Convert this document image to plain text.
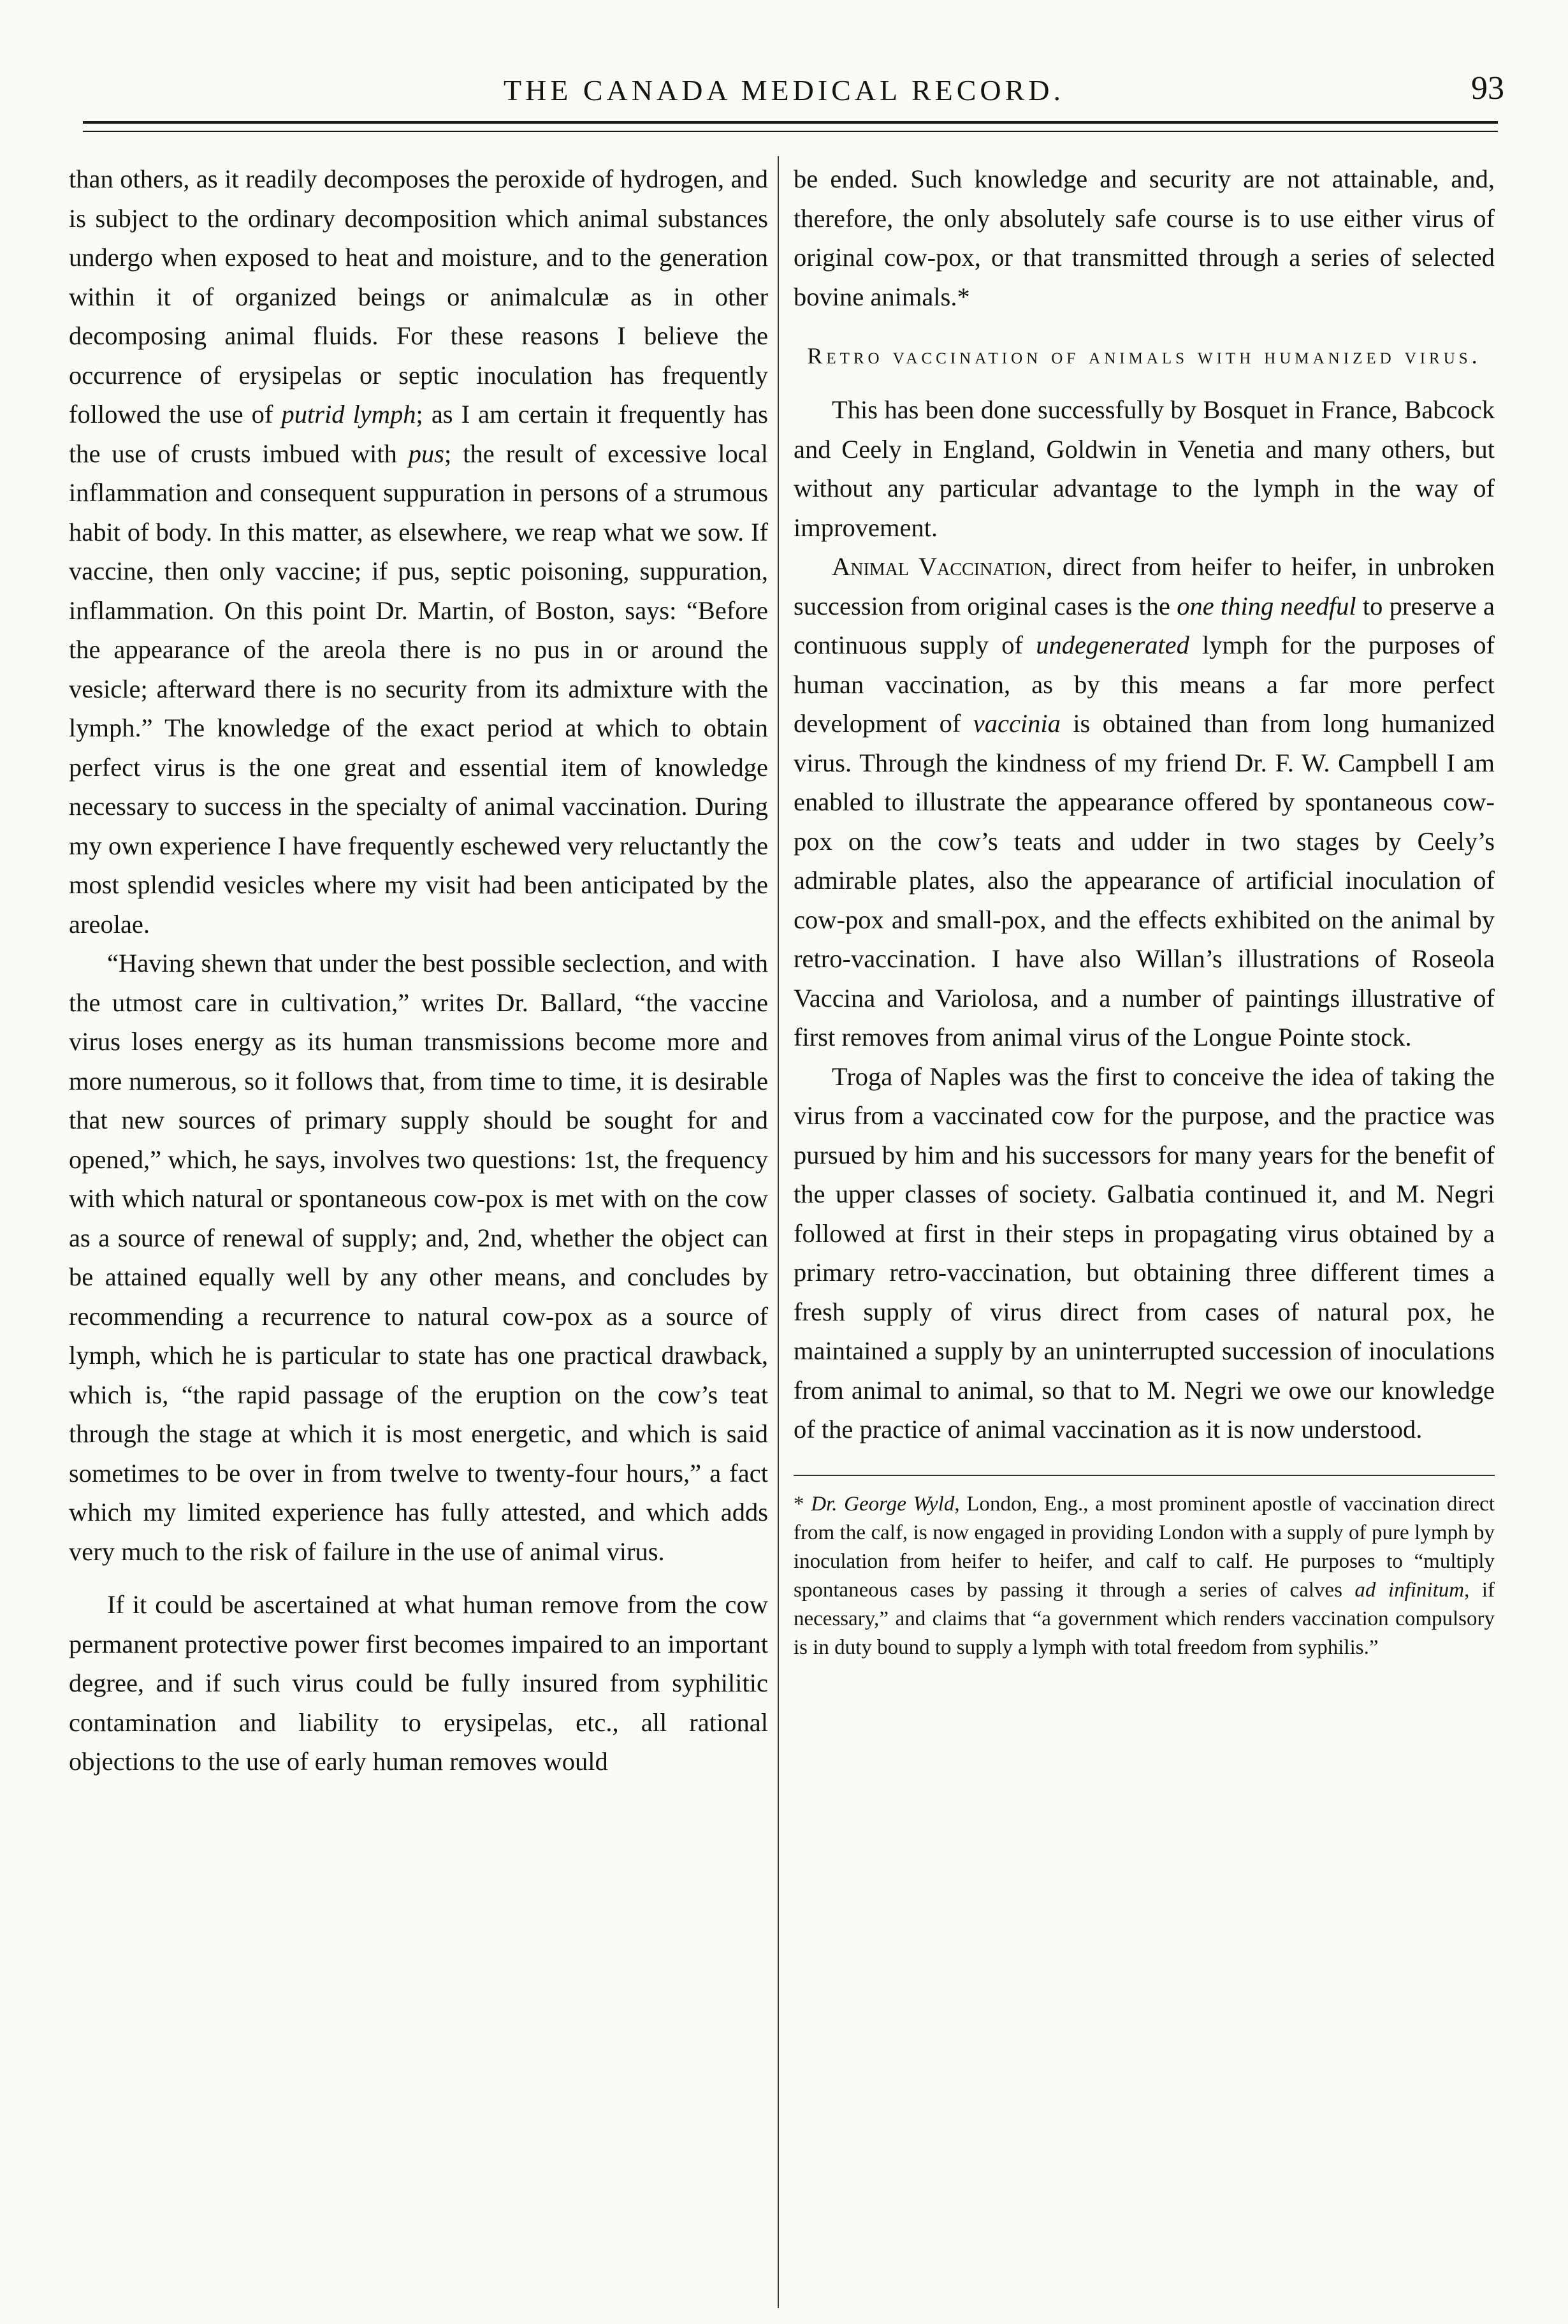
THE CANADA MEDICAL RECORD.	93

than others, as it readily decomposes the peroxide of hydrogen, and is subject to the ordinary decomposition which animal substances undergo when exposed to heat and moisture, and to the generation within it of organized beings or animalculæ as in other decomposing animal fluids. For these reasons I believe the occurrence of erysipelas or septic inoculation has frequently followed the use of putrid lymph; as I am certain it frequently has the use of crusts imbued with pus; the result of excessive local inflammation and consequent suppuration in persons of a strumous habit of body. In this matter, as elsewhere, we reap what we sow. If vaccine, then only vaccine; if pus, septic poisoning, suppuration, inflammation. On this point Dr. Martin, of Boston, says: “Before the appearance of the areola there is no pus in or around the vesicle; afterward there is no security from its admixture with the lymph.” The knowledge of the exact period at which to obtain perfect virus is the one great and essential item of knowledge necessary to success in the specialty of animal vaccination. During my own experience I have frequently eschewed very reluctantly the most splendid vesicles where my visit had been anticipated by the areolae.

“Having shewn that under the best possible seclection, and with the utmost care in cultivation,” writes Dr. Ballard, “the vaccine virus loses energy as its human transmissions become more and more numerous, so it follows that, from time to time, it is desirable that new sources of primary supply should be sought for and opened,” which, he says, involves two questions: 1st, the frequency with which natural or spontaneous cow-pox is met with on the cow as a source of renewal of supply; and, 2nd, whether the object can be attained equally well by any other means, and concludes by recommending a recurrence to natural cow-pox as a source of lymph, which he is particular to state has one practical drawback, which is, “the rapid passage of the eruption on the cow’s teat through the stage at which it is most energetic, and which is said sometimes to be over in from twelve to twenty-four hours,” a fact which my limited experience has fully attested, and which adds very much to the risk of failure in the use of animal virus.

If it could be ascertained at what human remove from the cow permanent protective power first becomes impaired to an important degree, and if such virus could be fully insured from syphilitic contamination and liability to erysipelas, etc., all rational objections to the use of early human removes would

be ended. Such knowledge and security are not attainable, and, therefore, the only absolutely safe course is to use either virus of original cow-pox, or that transmitted through a series of selected bovine animals.*

Retro vaccination of animals with humanized virus.

This has been done successfully by Bosquet in France, Babcock and Ceely in England, Goldwin in Venetia and many others, but without any particular advantage to the lymph in the way of improvement.

Animal Vaccination, direct from heifer to heifer, in unbroken succession from original cases is the one thing needful to preserve a continuous supply of undegenerated lymph for the purposes of human vaccination, as by this means a far more perfect development of vaccinia is obtained than from long humanized virus. Through the kindness of my friend Dr. F. W. Campbell I am enabled to illustrate the appearance offered by spontaneous cow-pox on the cow’s teats and udder in two stages by Ceely’s admirable plates, also the appearance of artificial inoculation of cow-pox and small-pox, and the effects exhibited on the animal by retro-vaccination. I have also Willan’s illustrations of Roseola Vaccina and Variolosa, and a number of paintings illustrative of first removes from animal virus of the Longue Pointe stock.

Troga of Naples was the first to conceive the idea of taking the virus from a vaccinated cow for the purpose, and the practice was pursued by him and his successors for many years for the benefit of the upper classes of society. Galbatia continued it, and M. Negri followed at first in their steps in propagating virus obtained by a primary retro-vaccination, but obtaining three different times a fresh supply of virus direct from cases of natural pox, he maintained a supply by an uninterrupted succession of inoculations from animal to animal, so that to M. Negri we owe our knowledge of the practice of animal vaccination as it is now understood.

* Dr. George Wyld, London, Eng., a most prominent apostle of vaccination direct from the calf, is now engaged in providing London with a supply of pure lymph by inoculation from heifer to heifer, and calf to calf. He purposes to “multiply spontaneous cases by passing it through a series of calves ad infinitum, if necessary,” and claims that “a government which renders vaccination compulsory is in duty bound to supply a lymph with total freedom from syphilis.”
